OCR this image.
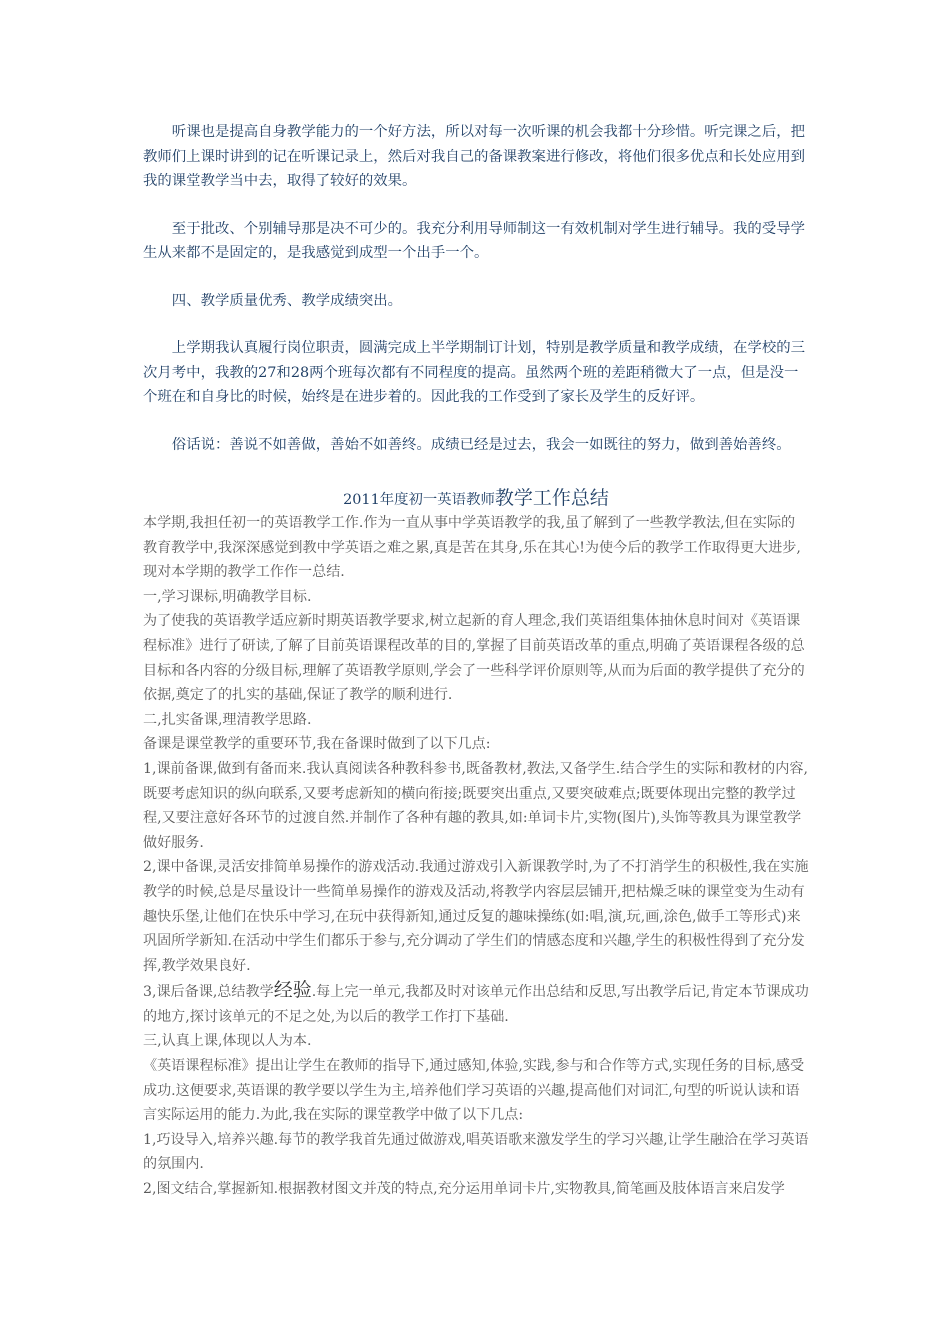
听课也是提高自身教学能力的一个好方法，所以对每一次听课的机会我都十分珍惜。听完课之后，把教师们上课时讲到的记在听课记录上，然后对我自己的备课教案进行修改，将他们很多优点和长处应用到我的课堂教学当中去，取得了较好的效果。

至于批改、个别辅导那是决不可少的。我充分利用导师制这一有效机制对学生进行辅导。我的受导学生从来都不是固定的，是我感觉到成型一个出手一个。

四、教学质量优秀、教学成绩突出。

上学期我认真履行岗位职责，圆满完成上半学期制订计划，特别是教学质量和教学成绩，在学校的三次月考中，我教的27和28两个班每次都有不同程度的提高。虽然两个班的差距稍微大了一点，但是没一个班在和自身比的时候，始终是在进步着的。因此我的工作受到了家长及学生的反好评。

俗话说：善说不如善做，善始不如善终。成绩已经是过去，我会一如既往的努力，做到善始善终。

2011年度初一英语教师教学工作总结

本学期,我担任初一的英语教学工作.作为一直从事中学英语教学的我,虽了解到了一些教学教法,但在实际的教育教学中,我深深感觉到教中学英语之难之累,真是苦在其身,乐在其心!为使今后的教学工作取得更大进步,现对本学期的教学工作作一总结.

一,学习课标,明确教学目标.

为了使我的英语教学适应新时期英语教学要求,树立起新的育人理念,我们英语组集体抽休息时间对《英语课程标准》进行了研读,了解了目前英语课程改革的目的,掌握了目前英语改革的重点,明确了英语课程各级的总目标和各内容的分级目标,理解了英语教学原则,学会了一些科学评价原则等,从而为后面的教学提供了充分的依据,奠定了的扎实的基础,保证了教学的顺利进行.

二,扎实备课,理清教学思路.

备课是课堂教学的重要环节,我在备课时做到了以下几点:

1,课前备课,做到有备而来.我认真阅读各种教科参书,既备教材,教法,又备学生.结合学生的实际和教材的内容,既要考虑知识的纵向联系,又要考虑新知的横向衔接;既要突出重点,又要突破难点;既要体现出完整的教学过程,又要注意好各环节的过渡自然.并制作了各种有趣的教具,如:单词卡片,实物(图片),头饰等教具为课堂教学做好服务.

2,课中备课,灵活安排简单易操作的游戏活动.我通过游戏引入新课教学时,为了不打消学生的积极性,我在实施教学的时候,总是尽量设计一些简单易操作的游戏及活动,将教学内容层层铺开,把枯燥乏味的课堂变为生动有趣快乐堡,让他们在快乐中学习,在玩中获得新知,通过反复的趣味操练(如:唱,演,玩,画,涂色,做手工等形式)来巩固所学新知.在活动中学生们都乐于参与,充分调动了学生们的情感态度和兴趣,学生的积极性得到了充分发挥,教学效果良好.

3,课后备课,总结教学经验.每上完一单元,我都及时对该单元作出总结和反思,写出教学后记,肯定本节课成功的地方,探讨该单元的不足之处,为以后的教学工作打下基础.

三,认真上课,体现以人为本.

《英语课程标准》提出让学生在教师的指导下,通过感知,体验,实践,参与和合作等方式,实现任务的目标,感受成功.这便要求,英语课的教学要以学生为主,培养他们学习英语的兴趣,提高他们对词汇,句型的听说认读和语言实际运用的能力.为此,我在实际的课堂教学中做了以下几点:

1,巧设导入,培养兴趣.每节的教学我首先通过做游戏,唱英语歌来激发学生的学习兴趣,让学生融洽在学习英语的氛围内.

2,图文结合,掌握新知.根据教材图文并茂的特点,充分运用单词卡片,实物教具,简笔画及肢体语言来启发学
